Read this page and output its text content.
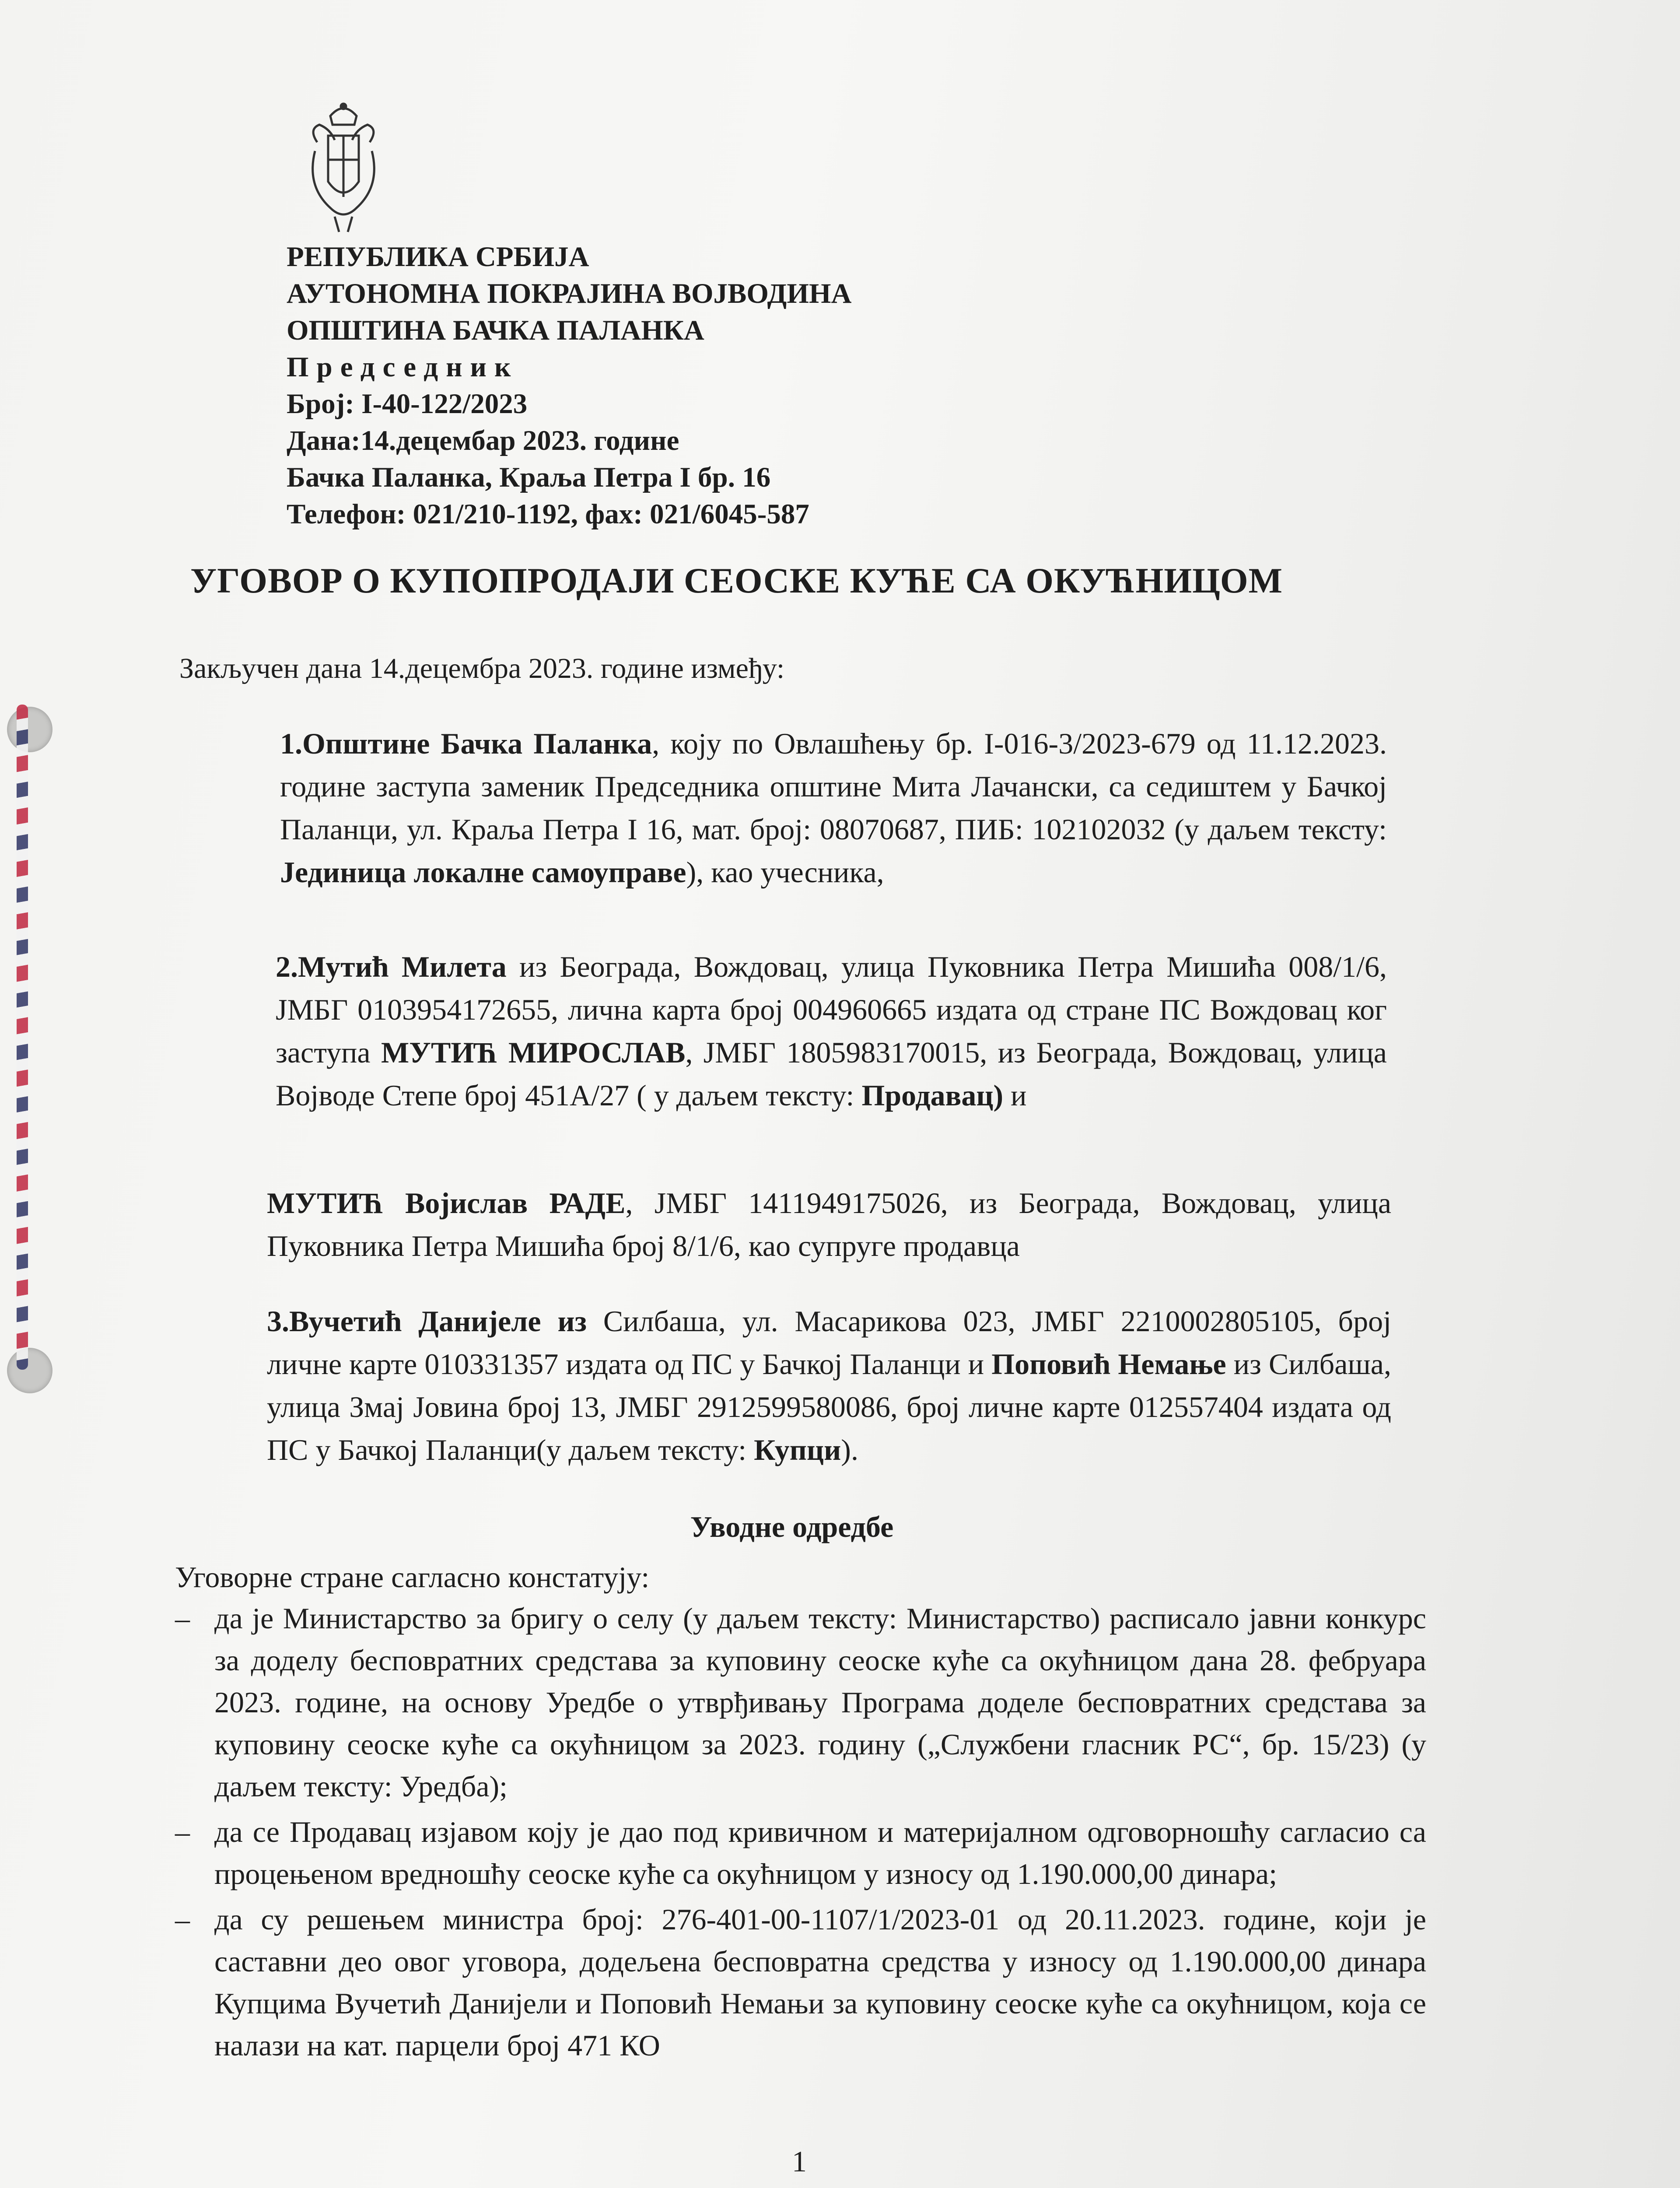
РЕПУБЛИКА СРБИЈА
АУТОНОМНА ПОКРАЈИНА ВОЈВОДИНА
ОПШТИНА БАЧКА ПАЛАНКА
Председник
Број: I-40-122/2023
Дана:14.децембар 2023. године
Бачка Паланка, Краља Петра I бр. 16
Телефон: 021/210-1192, фах: 021/6045-587
УГОВОР О КУПОПРОДАЈИ СЕОСКЕ КУЋЕ СА ОКУЋНИЦОМ
Закључен дана 14.децембра 2023. године између:
1.Општине Бачка Паланка, коју по Овлашћењу бр. I-016-3/2023-679 од 11.12.2023. године заступа заменик Председника општине Мита Лачански, са седиштем у Бачкој Паланци, ул. Краља Петра I 16, мат. број: 08070687, ПИБ: 102102032 (у даљем тексту: Јединица локалне самоуправе), као учесника,
2.Мутић Милета из Београда, Вождовац, улица Пуковника Петра Мишића 008/1/6, ЈМБГ 0103954172655, лична карта број 004960665 издата од стране ПС Вождовац ког заступа МУТИЋ МИРОСЛАВ, ЈМБГ 1805983170015, из Београда, Вождовац, улица Војводе Степе број 451А/27 ( у даљем тексту: Продавац) и
МУТИЋ Војислав РАДЕ, ЈМБГ 1411949175026, из Београда, Вождовац, улица Пуковника Петра Мишића број 8/1/6, као супруге продавца
3.Вучетић Данијеле из Силбаша, ул. Масарикова 023, ЈМБГ 2210002805105, број личне карте 010331357 издата од ПС у Бачкој Паланци и Поповић Немање из Силбаша, улица Змај Јовина број 13, ЈМБГ 2912599580086, број личне карте 012557404 издата од ПС у Бачкој Паланци(у даљем тексту: Купци).
Уводне одредбе
Уговорне стране сагласно констатују:
– да је Министарство за бригу о селу (у даљем тексту: Министарство) расписало јавни конкурс за доделу бесповратних средстава за куповину сеоске куће са окућницом дана 28. фебруара 2023. године, на основу Уредбе о утврђивању Програма доделе бесповратних средстава за куповину сеоске куће са окућницом за 2023. годину („Службени гласник РС“, бр. 15/23) (у даљем тексту: Уредба);
– да се Продавац изјавом коју је дао под кривичном и материјалном одговорношћу сагласио са процењеном вредношћу сеоске куће са окућницом у износу од 1.190.000,00 динара;
– да су решењем министра број: 276-401-00-1107/1/2023-01 од 20.11.2023. године, који је саставни део овог уговора, додељена бесповратна средства у износу од 1.190.000,00 динара Купцима Вучетић Данијели и Поповић Немањи за куповину сеоске куће са окућницом, која се налази на кат. парцели број 471 КО
1
